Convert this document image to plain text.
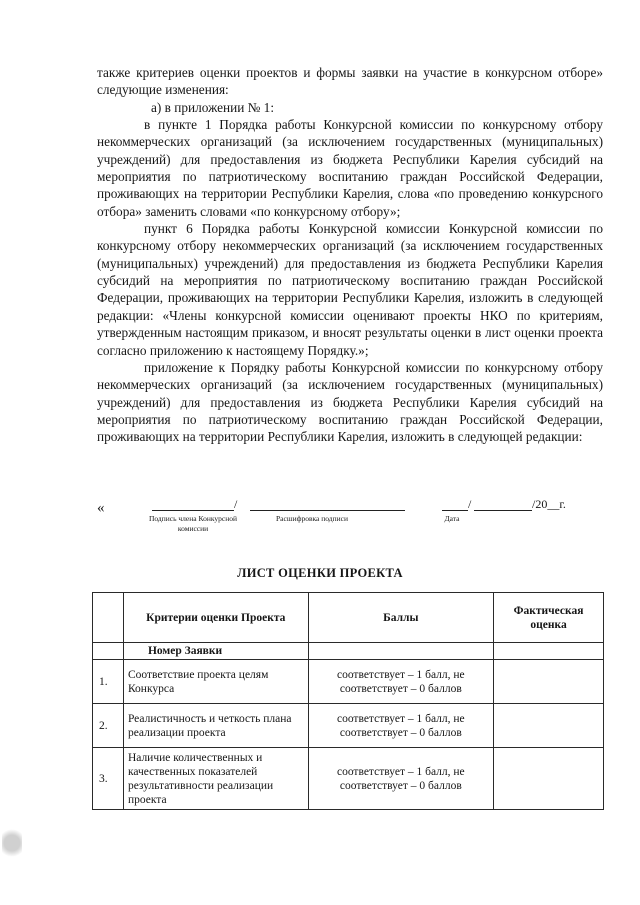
также критериев оценки проектов и формы заявки на участие в конкурсном отборе» следующие изменения:

а) в приложении № 1:

в пункте 1 Порядка работы Конкурсной комиссии по конкурсному отбору некоммерческих организаций (за исключением государственных (муниципальных) учреждений) для предоставления из бюджета Республики Карелия субсидий на мероприятия по патриотическому воспитанию граждан Российской Федерации, проживающих на территории Республики Карелия, слова «по проведению конкурсного отбора» заменить словами «по конкурсному отбору»;

пункт 6 Порядка работы Конкурсной комиссии Конкурсной комиссии по конкурсному отбору некоммерческих организаций (за исключением государственных (муниципальных) учреждений) для предоставления из бюджета Республики Карелия субсидий на мероприятия по патриотическому воспитанию граждан Российской Федерации, проживающих на территории Республики Карелия, изложить в следующей редакции: «Члены конкурсной комиссии оценивают проекты НКО по критериям, утвержденным настоящим приказом, и вносят результаты оценки в лист оценки проекта согласно приложению к настоящему Порядку.»;

приложение к Порядку работы Конкурсной комиссии по конкурсному отбору некоммерческих организаций (за исключением государственных (муниципальных) учреждений) для предоставления из бюджета Республики Карелия субсидий на мероприятия по патриотическому воспитанию граждан Российской Федерации, проживающих на территории Республики Карелия, изложить в следующей редакции:

«	/
Подпись члена Конкурсной комиссии
Расшифровка подписи
/	/20__г.
Дата
ЛИСТ ОЦЕНКИ ПРОЕКТА
	Критерии оценки Проекта	Баллы	Фактическая оценка
	Номер Заявки		
1.	Соответствие проекта целям Конкурса	соответствует – 1 балл, не соответствует – 0 баллов	
2.	Реалистичность и четкость плана реализации проекта	соответствует – 1 балл, не соответствует – 0 баллов	
3.	Наличие количественных и качественных показателей результативности реализации проекта	соответствует – 1 балл, не соответствует – 0 баллов	
